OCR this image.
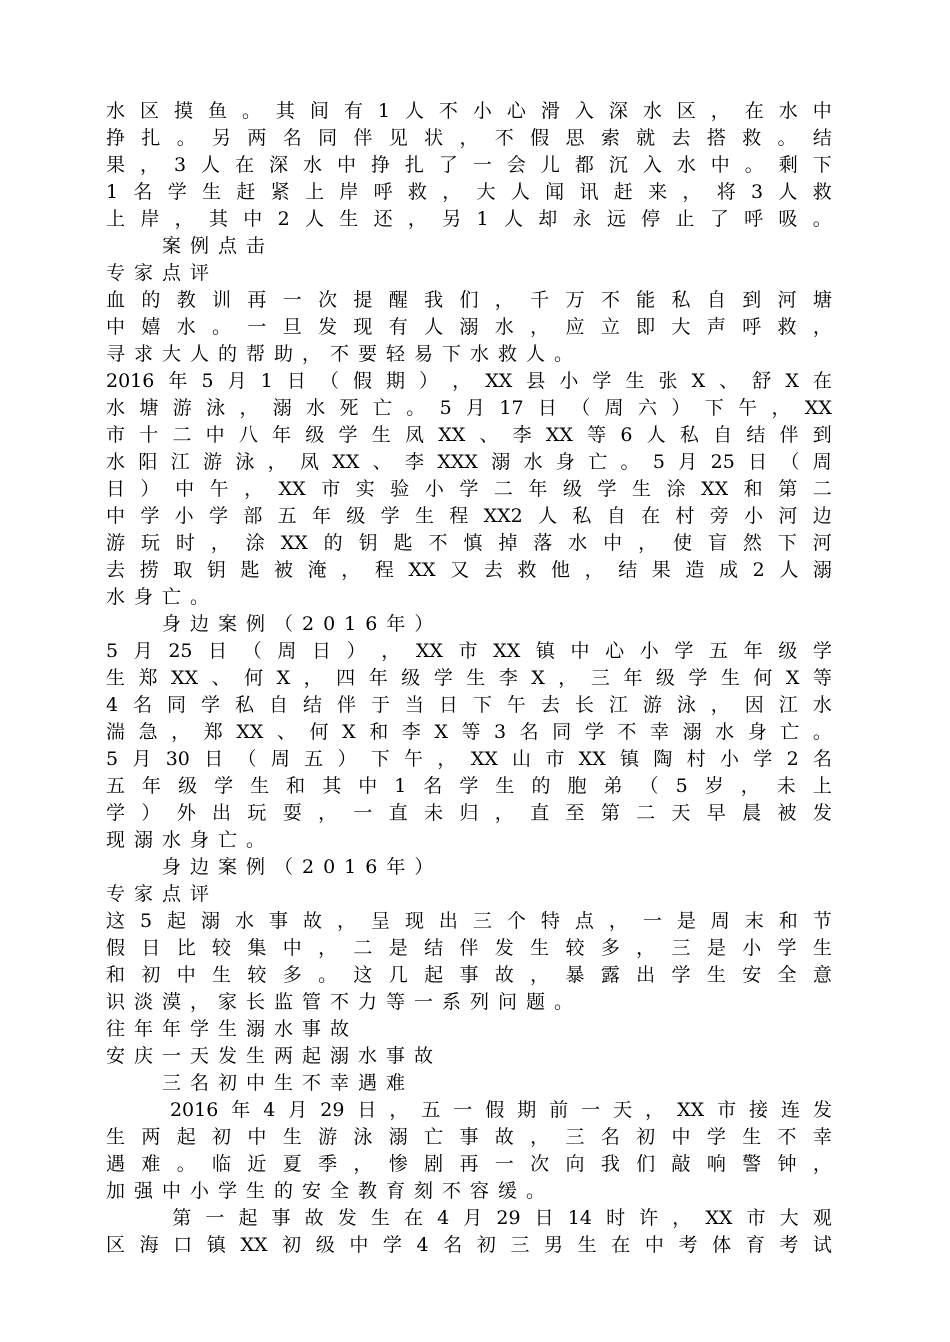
水 区 摸 鱼 。 其 间 有 1 人 不 小 心 滑 入 深 水 区 ， 在 水 中
挣 扎 。 另 两 名 同 伴 见 状 ， 不 假 思 索 就 去 搭 救 。 结
果 ， 3 人 在 深 水 中 挣 扎 了 一 会 儿 都 沉 入 水 中 。 剩 下
1 名 学 生 赶 紧 上 岸 呼 救 ， 大 人 闻 讯 赶 来 ， 将 3 人 救
上 岸 ， 其 中 2 人 生 还 ， 另 1 人 却 永 远 停 止 了 呼 吸 。
　　案例点击
专家点评
血 的 教 训 再 一 次 提 醒 我 们 ， 千 万 不 能 私 自 到 河 塘
中 嬉 水 。 一 旦 发 现 有 人 溺 水 ， 应 立 即 大 声 呼 救 ，
寻求大人的帮助，不要轻易下水救人。
2016 年 5 月 1 日 （ 假 期 ） ， XX 县 小 学 生 张 X 、 舒 X 在
水 塘 游 泳 ， 溺 水 死 亡 。 5 月 17 日 （ 周 六 ） 下 午 ， XX
市 十 二 中 八 年 级 学 生 凤 XX 、 李 XX 等 6 人 私 自 结 伴 到
水 阳 江 游 泳 ， 凤 XX 、 李 XXX 溺 水 身 亡 。 5 月 25 日 （ 周
日 ） 中 午 ， XX 市 实 验 小 学 二 年 级 学 生 涂 XX 和 第 二
中 学 小 学 部 五 年 级 学 生 程 XX2 人 私 自 在 村 旁 小 河 边
游 玩 时 ， 涂 XX 的 钥 匙 不 慎 掉 落 水 中 ， 使 盲 然 下 河
去 捞 取 钥 匙 被 淹 ， 程 XX 又 去 救 他 ， 结 果 造 成 2 人 溺
水身亡。
　　身边案例（2016年）
5 月 25 日 （ 周 日 ） ， XX 市 XX 镇 中 心 小 学 五 年 级 学
生 郑 XX 、 何 X ， 四 年 级 学 生 李 X ， 三 年 级 学 生 何 X 等
4 名 同 学 私 自 结 伴 于 当 日 下 午 去 长 江 游 泳 ， 因 江 水
湍 急 ， 郑 XX 、 何 X 和 李 X 等 3 名 同 学 不 幸 溺 水 身 亡 。
5 月 30 日 （ 周 五 ） 下 午 ， XX 山 市 XX 镇 陶 村 小 学 2 名
五 年 级 学 生 和 其 中 1 名 学 生 的 胞 弟 （ 5 岁 ， 未 上
学 ） 外 出 玩 耍 ， 一 直 未 归 ， 直 至 第 二 天 早 晨 被 发
现溺水身亡。
　　身边案例（2016年）
专家点评
这 5 起 溺 水 事 故 ， 呈 现 出 三 个 特 点 ， 一 是 周 末 和 节
假 日 比 较 集 中 ， 二 是 结 伴 发 生 较 多 ， 三 是 小 学 生
和 初 中 生 较 多 。 这 几 起 事 故 ， 暴 露 出 学 生 安 全 意
识淡漠，家长监管不力等一系列问题。
往年年学生溺水事故
安庆一天发生两起溺水事故
　　三名初中生不幸遇难

2016 年 4 月 29 日 ， 五 一 假 期 前 一 天 ， XX 市 接 连 发
生 两 起 初 中 生 游 泳 溺 亡 事 故 ， 三 名 初 中 学 生 不 幸
遇 难 。 临 近 夏 季 ， 惨 剧 再 一 次 向 我 们 敲 响 警 钟 ，
加强中小学生的安全教育刻不容缓。

第 一 起 事 故 发 生 在 4 月 29 日 14 时 许 ， XX 市 大 观
区 海 口 镇 XX 初 级 中 学 4 名 初 三 男 生 在 中 考 体 育 考 试
